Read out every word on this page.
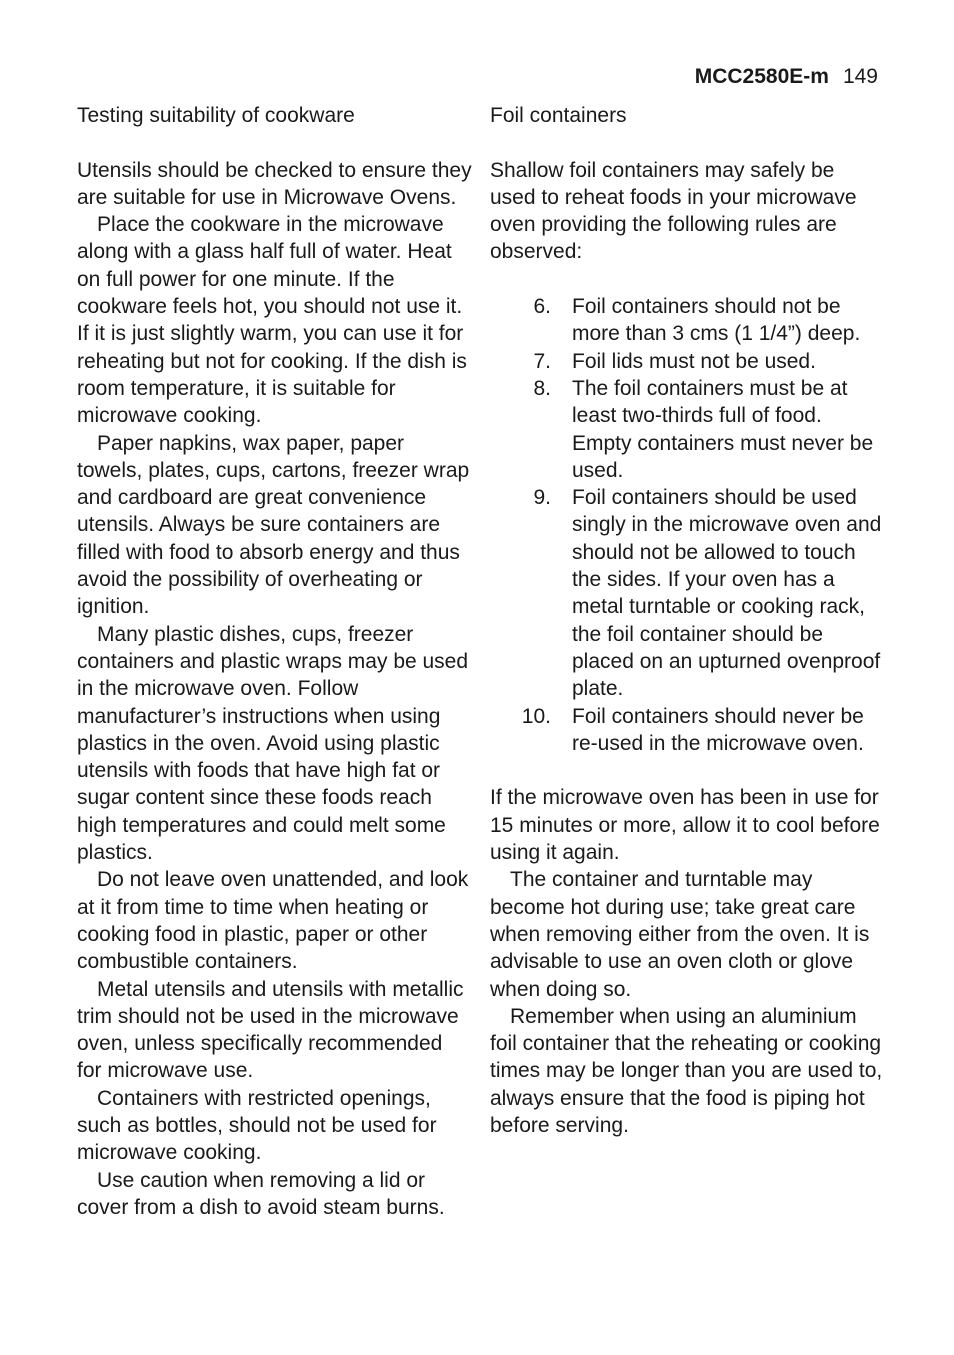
MCC2580E-m 149
Testing suitability of cookware

Utensils should be checked to ensure they are suitable for use in Microwave Ovens.

Place the cookware in the microwave along with a glass half full of water. Heat on full power for one minute. If the cookware feels hot, you should not use it. If it is just slightly warm, you can use it for reheating but not for cooking. If the dish is room temperature, it is suitable for microwave cooking.

Paper napkins, wax paper, paper towels, plates, cups, cartons, freezer wrap and cardboard are great convenience utensils. Always be sure containers are filled with food to absorb energy and thus avoid the possibility of overheating or ignition.

Many plastic dishes, cups, freezer containers and plastic wraps may be used in the microwave oven. Follow manufacturer’s instructions when using plastics in the oven. Avoid using plastic utensils with foods that have high fat or sugar content since these foods reach high temperatures and could melt some plastics.

Do not leave oven unattended, and look at it from time to time when heating or cooking food in plastic, paper or other combustible containers.

Metal utensils and utensils with metallic trim should not be used in the microwave oven, unless specifically recommended for microwave use.

Containers with restricted openings, such as bottles, should not be used for microwave cooking.

Use caution when removing a lid or cover from a dish to avoid steam burns.

Foil containers

Shallow foil containers may safely be used to reheat foods in your microwave oven providing the following rules are observed:

6.	Foil containers should not be more than 3 cms (1 1/4”) deep.
7.	Foil lids must not be used.
8.	The foil containers must be at least two-thirds full of food. Empty containers must never be used.
9.	Foil containers should be used singly in the microwave oven and should not be allowed to touch the sides. If your oven has a metal turntable or cooking rack, the foil container should be placed on an upturned ovenproof plate.
10.	Foil containers should never be re-used in the microwave oven.

If the microwave oven has been in use for 15 minutes or more, allow it to cool before using it again.

The container and turntable may become hot during use; take great care when removing either from the oven. It is advisable to use an oven cloth or glove when doing so.

Remember when using an aluminium foil container that the reheating or cooking times may be longer than you are used to, always ensure that the food is piping hot before serving.
